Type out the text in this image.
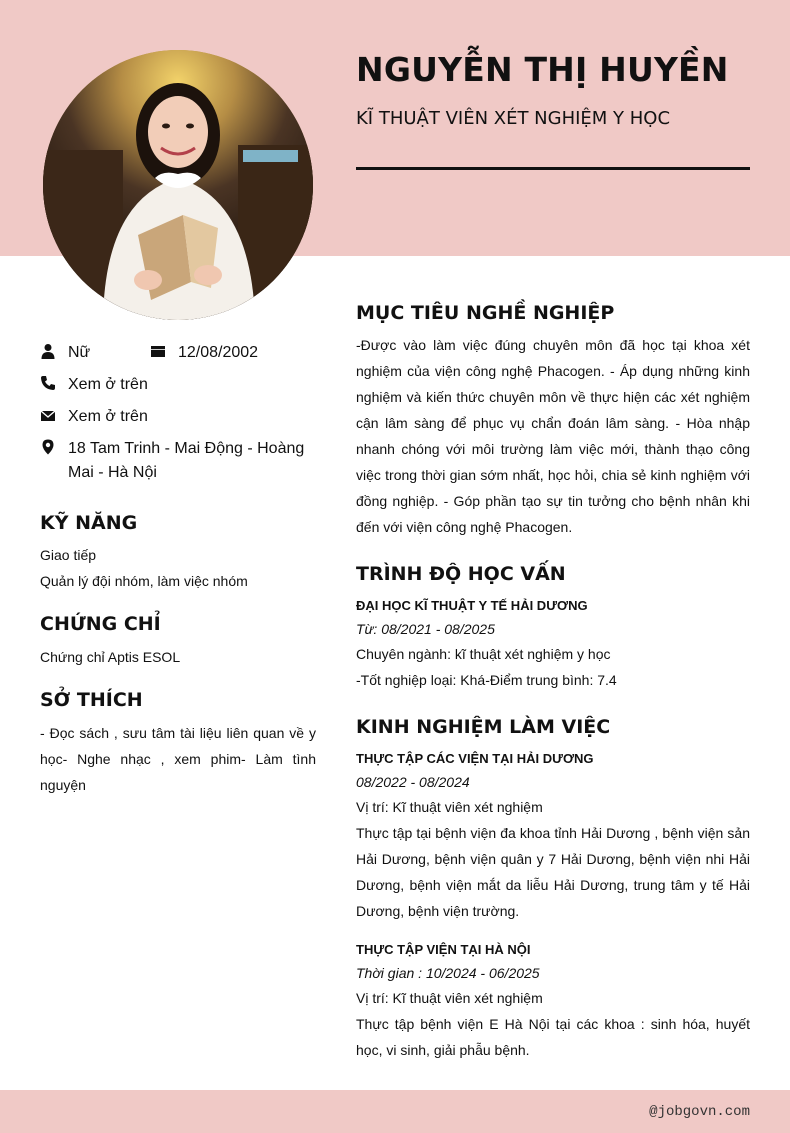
NGUYỄN THỊ HUYỀN
KĨ THUẬT VIÊN XÉT NGHIỆM Y HỌC
Nữ	12/08/2002
Xem ở trên
Xem ở trên
18 Tam Trinh - Mai Động - Hoàng Mai - Hà Nội
KỸ NĂNG
Giao tiếp
Quản lý đội nhóm, làm việc nhóm
CHỨNG CHỈ
Chứng chỉ Aptis ESOL
SỞ THÍCH
- Đọc sách , sưu tâm tài liệu liên quan về y học- Nghe nhạc , xem phim- Làm tình nguyện
MỤC TIÊU NGHỀ NGHIỆP
-Được vào làm việc đúng chuyên môn đã học tại khoa xét nghiệm của viện công nghệ Phacogen. - Áp dụng những kinh nghiệm và kiến thức chuyên môn về thực hiện các xét nghiệm cận lâm sàng để phục vụ chẩn đoán lâm sàng. - Hòa nhập nhanh chóng với môi trường làm việc mới, thành thạo công việc trong thời gian sớm nhất, học hỏi, chia sẻ kinh nghiệm với đồng nghiệp. - Góp phần tạo sự tin tưởng cho bệnh nhân khi đến với viện công nghệ Phacogen.
TRÌNH ĐỘ HỌC VẤN
ĐẠI HỌC KĨ THUẬT Y TẾ HẢI DƯƠNG
Từ: 08/2021 - 08/2025
Chuyên ngành: kĩ thuật xét nghiệm y học
-Tốt nghiệp loại: Khá-Điểm trung bình: 7.4
KINH NGHIỆM LÀM VIỆC
THỰC TẬP CÁC VIỆN TẠI HẢI DƯƠNG
08/2022 - 08/2024
Vị trí: Kĩ thuật viên xét nghiệm
Thực tập tại bệnh viện đa khoa tỉnh Hải Dương , bệnh viện sản Hải Dương, bệnh viện quân y 7 Hải Dương, bệnh viện nhi Hải Dương, bệnh viện mắt da liễu Hải Dương, trung tâm y tế Hải Dương, bệnh viện trường.
THỰC TẬP VIỆN TẠI HÀ NỘI
Thời gian : 10/2024 - 06/2025
Vị trí: Kĩ thuật viên xét nghiệm
Thực tập bệnh viện E Hà Nội tại các khoa : sinh hóa, huyết học, vi sinh, giải phẫu bệnh.
@jobgovn.com
